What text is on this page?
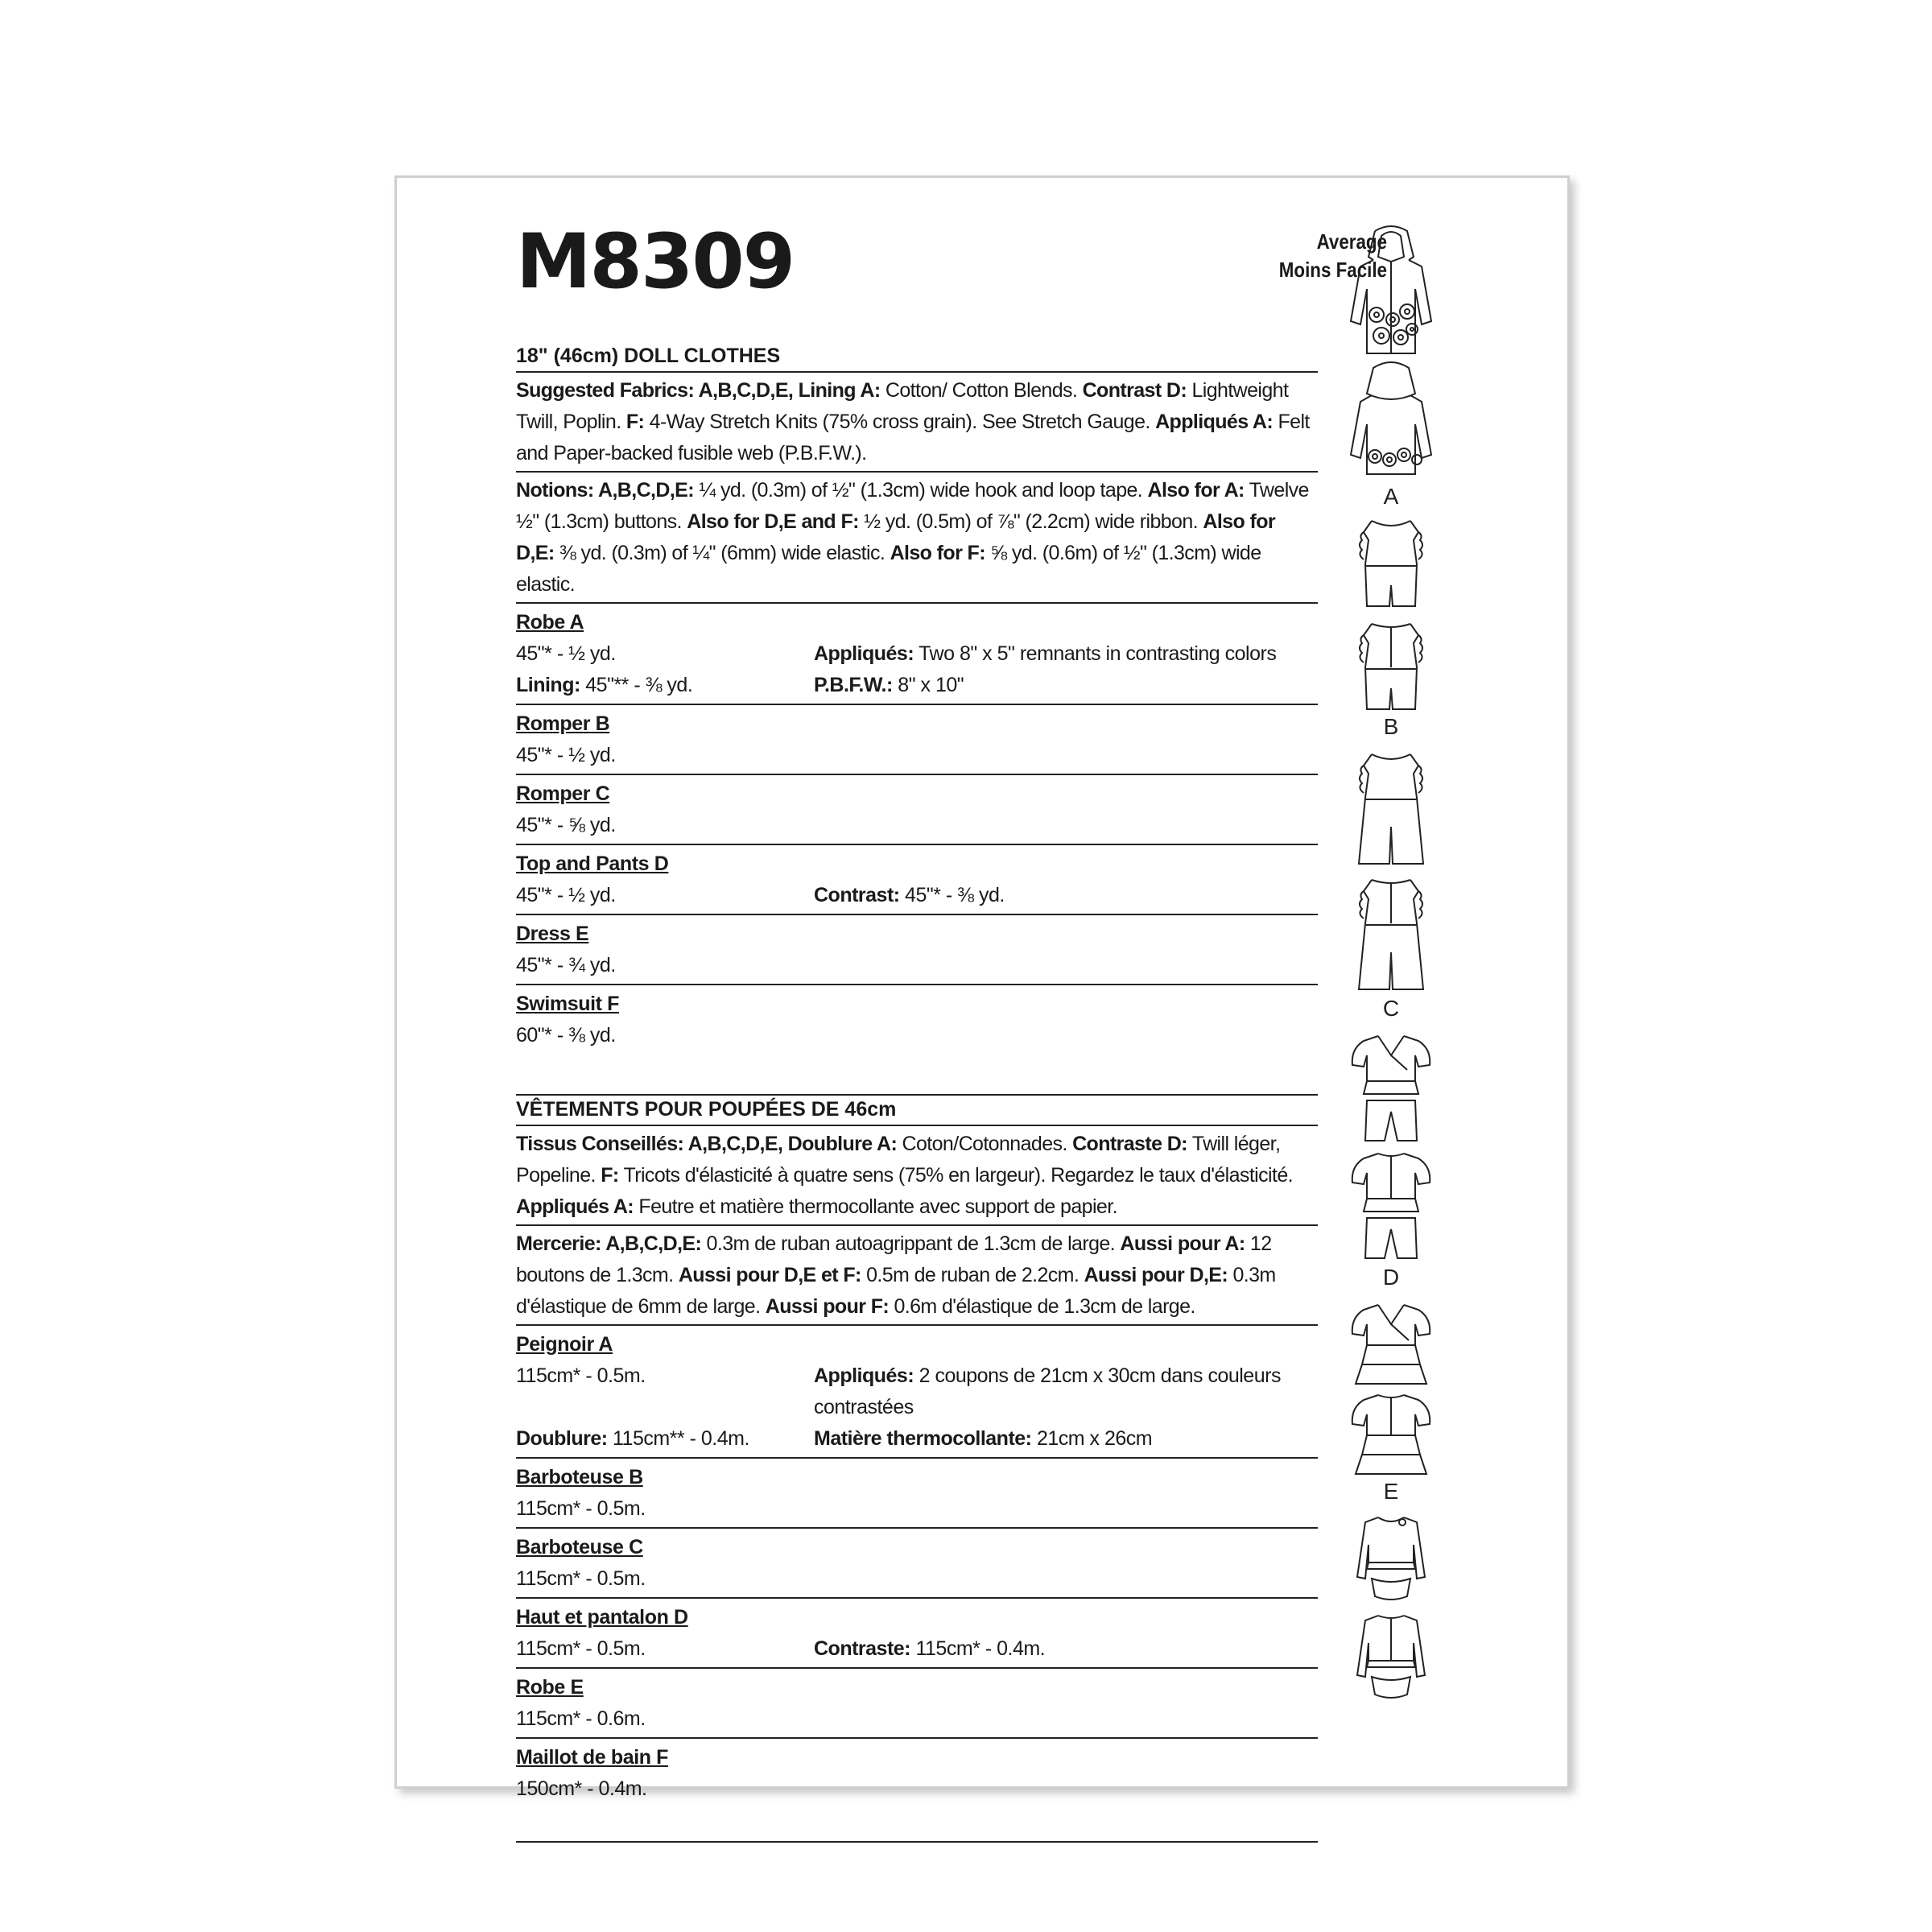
Average
Moins Facile
M8309
18" (46cm) DOLL CLOTHES
Suggested Fabrics: A,B,C,D,E, Lining A: Cotton/ Cotton Blends. Contrast D: Lightweight Twill, Poplin. F: 4-Way Stretch Knits (75% cross grain). See Stretch Gauge. Appliqués A: Felt and Paper-backed fusible web (P.B.F.W.).
Notions: A,B,C,D,E: ¼ yd. (0.3m) of ½" (1.3cm) wide hook and loop tape. Also for A: Twelve ½" (1.3cm) buttons. Also for D,E and F: ½ yd. (0.5m) of ⅞" (2.2cm) wide ribbon. Also for D,E: ⅜ yd. (0.3m) of ¼" (6mm) wide elastic. Also for F: ⅝ yd. (0.6m) of ½" (1.3cm) wide elastic.
Robe A
45"* - ½ yd.	Appliqués: Two 8" x 5" remnants in contrasting colors
Lining: 45"** - ⅜ yd.	P.B.F.W.: 8" x 10"
Romper B
45"* - ½ yd.
Romper C
45"* - ⅝ yd.
Top and Pants D
45"* - ½ yd.	Contrast: 45"* - ⅜ yd.
Dress E
45"* - ¾ yd.
Swimsuit F
60"* - ⅜ yd.
VÊTEMENTS POUR POUPÉES DE 46cm
Tissus Conseillés: A,B,C,D,E, Doublure A: Coton/Cotonnades. Contraste D: Twill léger, Popeline. F: Tricots d'élasticité à quatre sens (75% en largeur). Regardez le taux d'élasticité. Appliqués A: Feutre et matière thermocollante avec support de papier.
Mercerie: A,B,C,D,E: 0.3m de ruban autoagrippant de 1.3cm de large. Aussi pour A: 12 boutons de 1.3cm. Aussi pour D,E et F: 0.5m de ruban de 2.2cm. Aussi pour D,E: 0.3m d'élastique de 6mm de large. Aussi pour F: 0.6m d'élastique de 1.3cm de large.
Peignoir A
115cm* - 0.5m.	Appliqués: 2 coupons de 21cm x 30cm dans couleurs contrastées
Doublure: 115cm** - 0.4m.	Matière thermocollante: 21cm x 26cm
Barboteuse B
115cm* - 0.5m.
Barboteuse C
115cm* - 0.5m.
Haut et pantalon D
115cm* - 0.5m.	Contraste: 115cm* - 0.4m.
Robe E
115cm* - 0.6m.
Maillot de bain F
150cm* - 0.4m.
A
B
C
D
E
